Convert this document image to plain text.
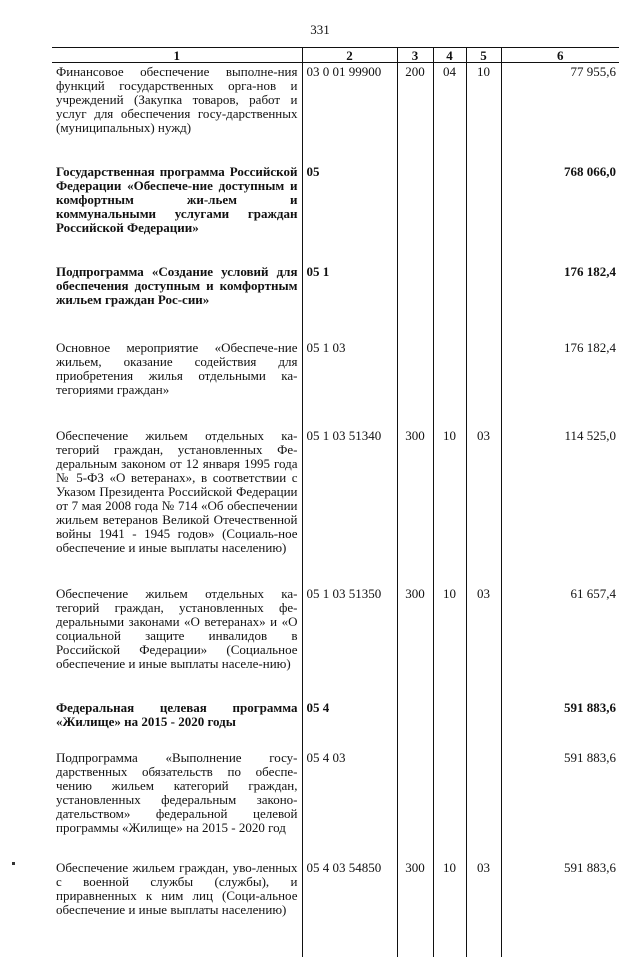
331
1	2	3	4	5	6
Финансовое обеспечение выполне-ния функций государственных орга-нов и учреждений (Закупка товаров, работ и услуг для обеспечения госу-дарственных (муниципальных) нужд)	03 0 01 99900	200	04	10	77 955,6
Государственная программа Российской Федерации «Обеспече-ние доступным и комфортным жи-льем и коммунальными услугами граждан Российской Федерации»	05				768 066,0
Подпрограмма «Создание условий для обеспечения доступным и комфортным жильем граждан Рос-сии»	05 1				176 182,4
Основное мероприятие «Обеспече-ние жильем, оказание содействия для приобретения жилья отдельными ка-тегориями граждан»	05 1 03				176 182,4
Обеспечение жильем отдельных ка-тегорий граждан, установленных Фе-деральным законом от 12 января 1995 года № 5-ФЗ «О ветеранах», в соответствии с Указом Президента Российской Федерации от 7 мая 2008 года № 714 «Об обеспечении жильем ветеранов Великой Отечественной войны 1941 - 1945 годов» (Социаль-ное обеспечение и иные выплаты населению)	05 1 03 51340	300	10	03	114 525,0
Обеспечение жильем отдельных ка-тегорий граждан, установленных фе-деральными законами «О ветеранах» и «О социальной защите инвалидов в Российской Федерации» (Социальное обеспечение и иные выплаты населе-нию)	05 1 03 51350	300	10	03	61 657,4
Федеральная целевая программа «Жилище» на 2015 - 2020 годы	05 4				591 883,6
Подпрограмма «Выполнение госу-дарственных обязательств по обеспе-чению жильем категорий граждан, установленных федеральным законо-дательством» федеральной целевой программы «Жилище» на 2015 - 2020 год	05 4 03				591 883,6
Обеспечение жильем граждан, уво-ленных с военной службы (службы), и приравненных к ним лиц (Соци-альное обеспечение и иные выплаты населению)	05 4 03 54850	300	10	03	591 883,6
